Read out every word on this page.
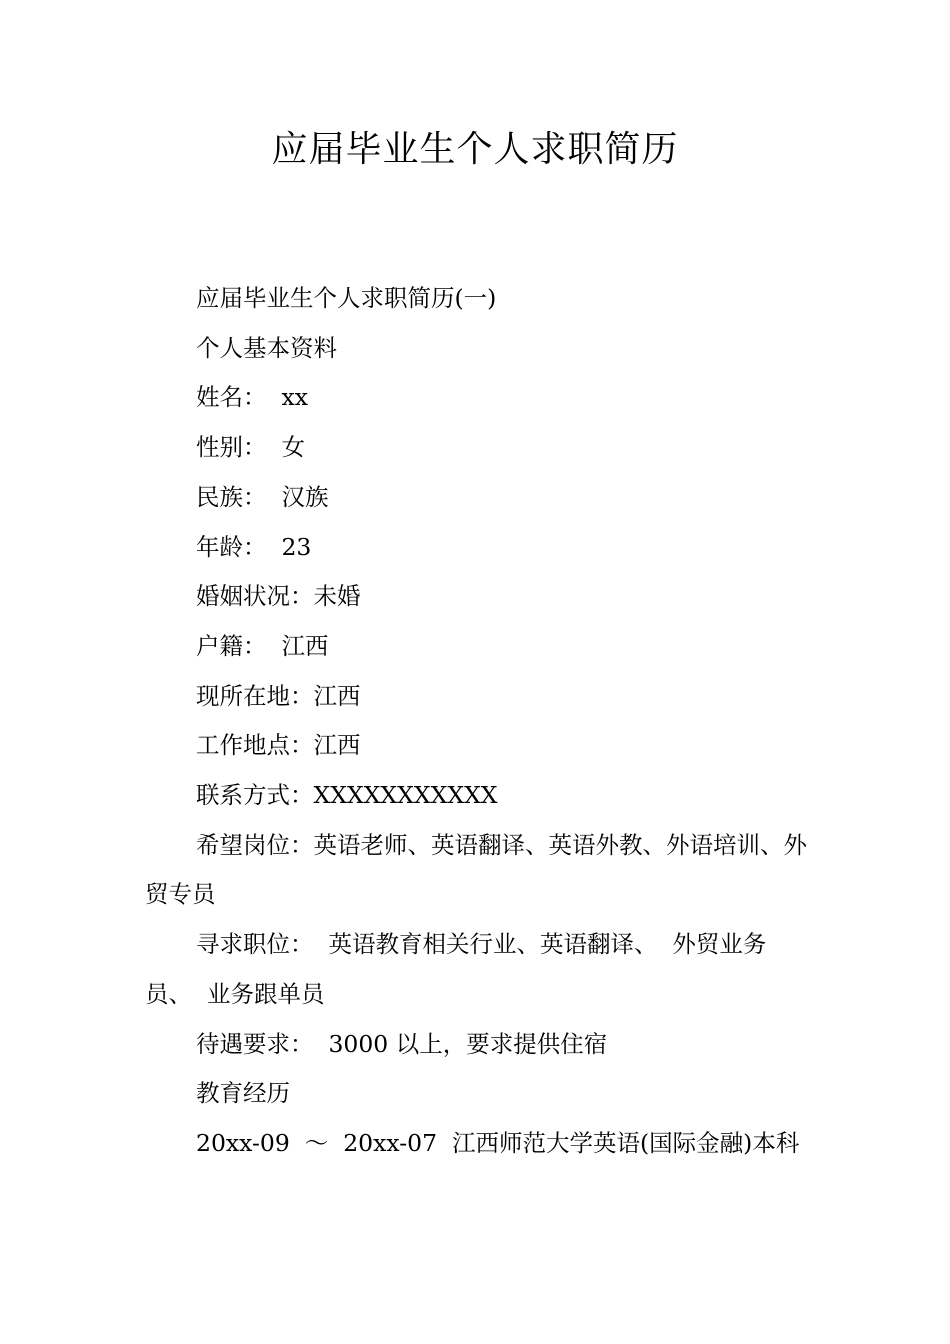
应届毕业生个人求职简历

应届毕业生个人求职简历(一)

个人基本资料

姓名：  xx

性别：  女

民族：  汉族

年龄：  23

婚姻状况：未婚

户籍：  江西

现所在地：江西

工作地点：江西

联系方式：XXXXXXXXXXX

希望岗位：英语老师、英语翻译、英语外教、外语培训、外贸专员

寻求职位：  英语教育相关行业、英语翻译、  外贸业务员、  业务跟单员

待遇要求：  3000 以上，要求提供住宿

教育经历

20xx-09  ～  20xx-07  江西师范大学英语(国际金融)本科
